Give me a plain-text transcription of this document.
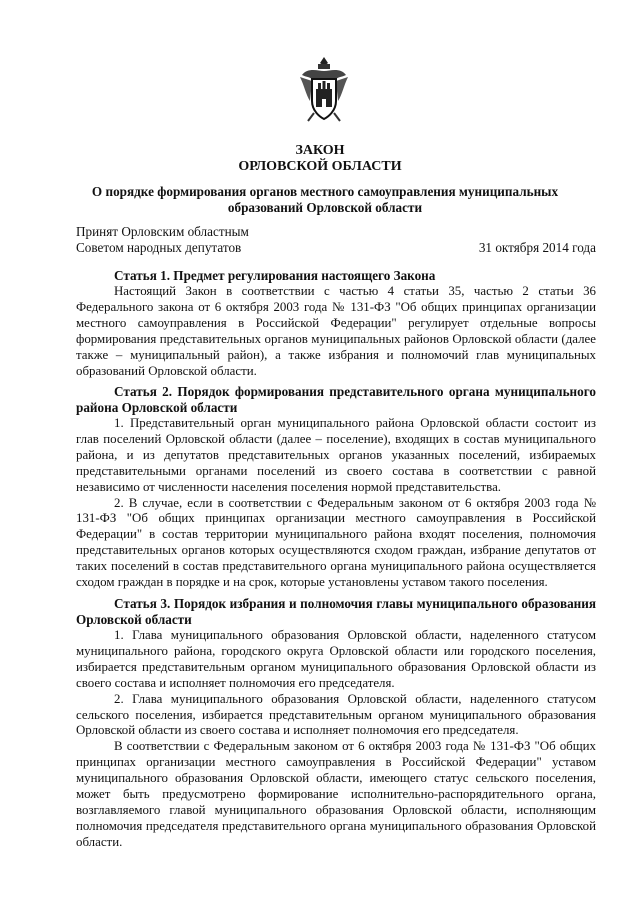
ЗАКОН
ОРЛОВСКОЙ ОБЛАСТИ
О порядке формирования органов местного самоуправления муниципальных образований Орловской области
Принят Орловским областным
Советом народных депутатов	31 октября 2014 года
Статья 1. Предмет регулирования настоящего Закона

Настоящий Закон в соответствии с частью 4 статьи 35, частью 2 статьи 36 Федерального закона от 6 октября 2003 года № 131-ФЗ "Об общих принципах организации местного самоуправления в Российской Федерации" регулирует отдельные вопросы формирования представительных органов муниципальных районов Орловской области (далее также – муниципальный район), а также избрания и полномочий глав муниципальных образований Орловской области.

Статья 2. Порядок формирования представительного органа муниципального района Орловской области

1. Представительный орган муниципального района Орловской области состоит из глав поселений Орловской области (далее – поселение), входящих в состав муниципального района, и из депутатов представительных органов указанных поселений, избираемых представительными органами поселений из своего состава в соответствии с равной независимо от численности населения поселения нормой представительства.

2. В случае, если в соответствии с Федеральным законом от 6 октября 2003 года № 131-ФЗ "Об общих принципах организации местного самоуправления в Российской Федерации" в состав территории муниципального района входят поселения, полномочия представительных органов которых осуществляются сходом граждан, избрание депутатов от таких поселений в состав представительного органа муниципального района осуществляется сходом граждан в порядке и на срок, которые установлены уставом такого поселения.

Статья 3. Порядок избрания и полномочия главы муниципального образования Орловской области

1. Глава муниципального образования Орловской области, наделенного статусом муниципального района, городского округа Орловской области или городского поселения, избирается представительным органом муниципального образования Орловской области из своего состава и исполняет полномочия его председателя.

2. Глава муниципального образования Орловской области, наделенного статусом сельского поселения, избирается представительным органом муниципального образования Орловской области из своего состава и исполняет полномочия его председателя.

В соответствии с Федеральным законом от 6 октября 2003 года № 131-ФЗ "Об общих принципах организации местного самоуправления в Российской Федерации" уставом муниципального образования Орловской области, имеющего статус сельского поселения, может быть предусмотрено формирование исполнительно-распорядительного органа, возглавляемого главой муниципального образования Орловской области, исполняющим полномочия председателя представительного органа муниципального образования Орловской области.
